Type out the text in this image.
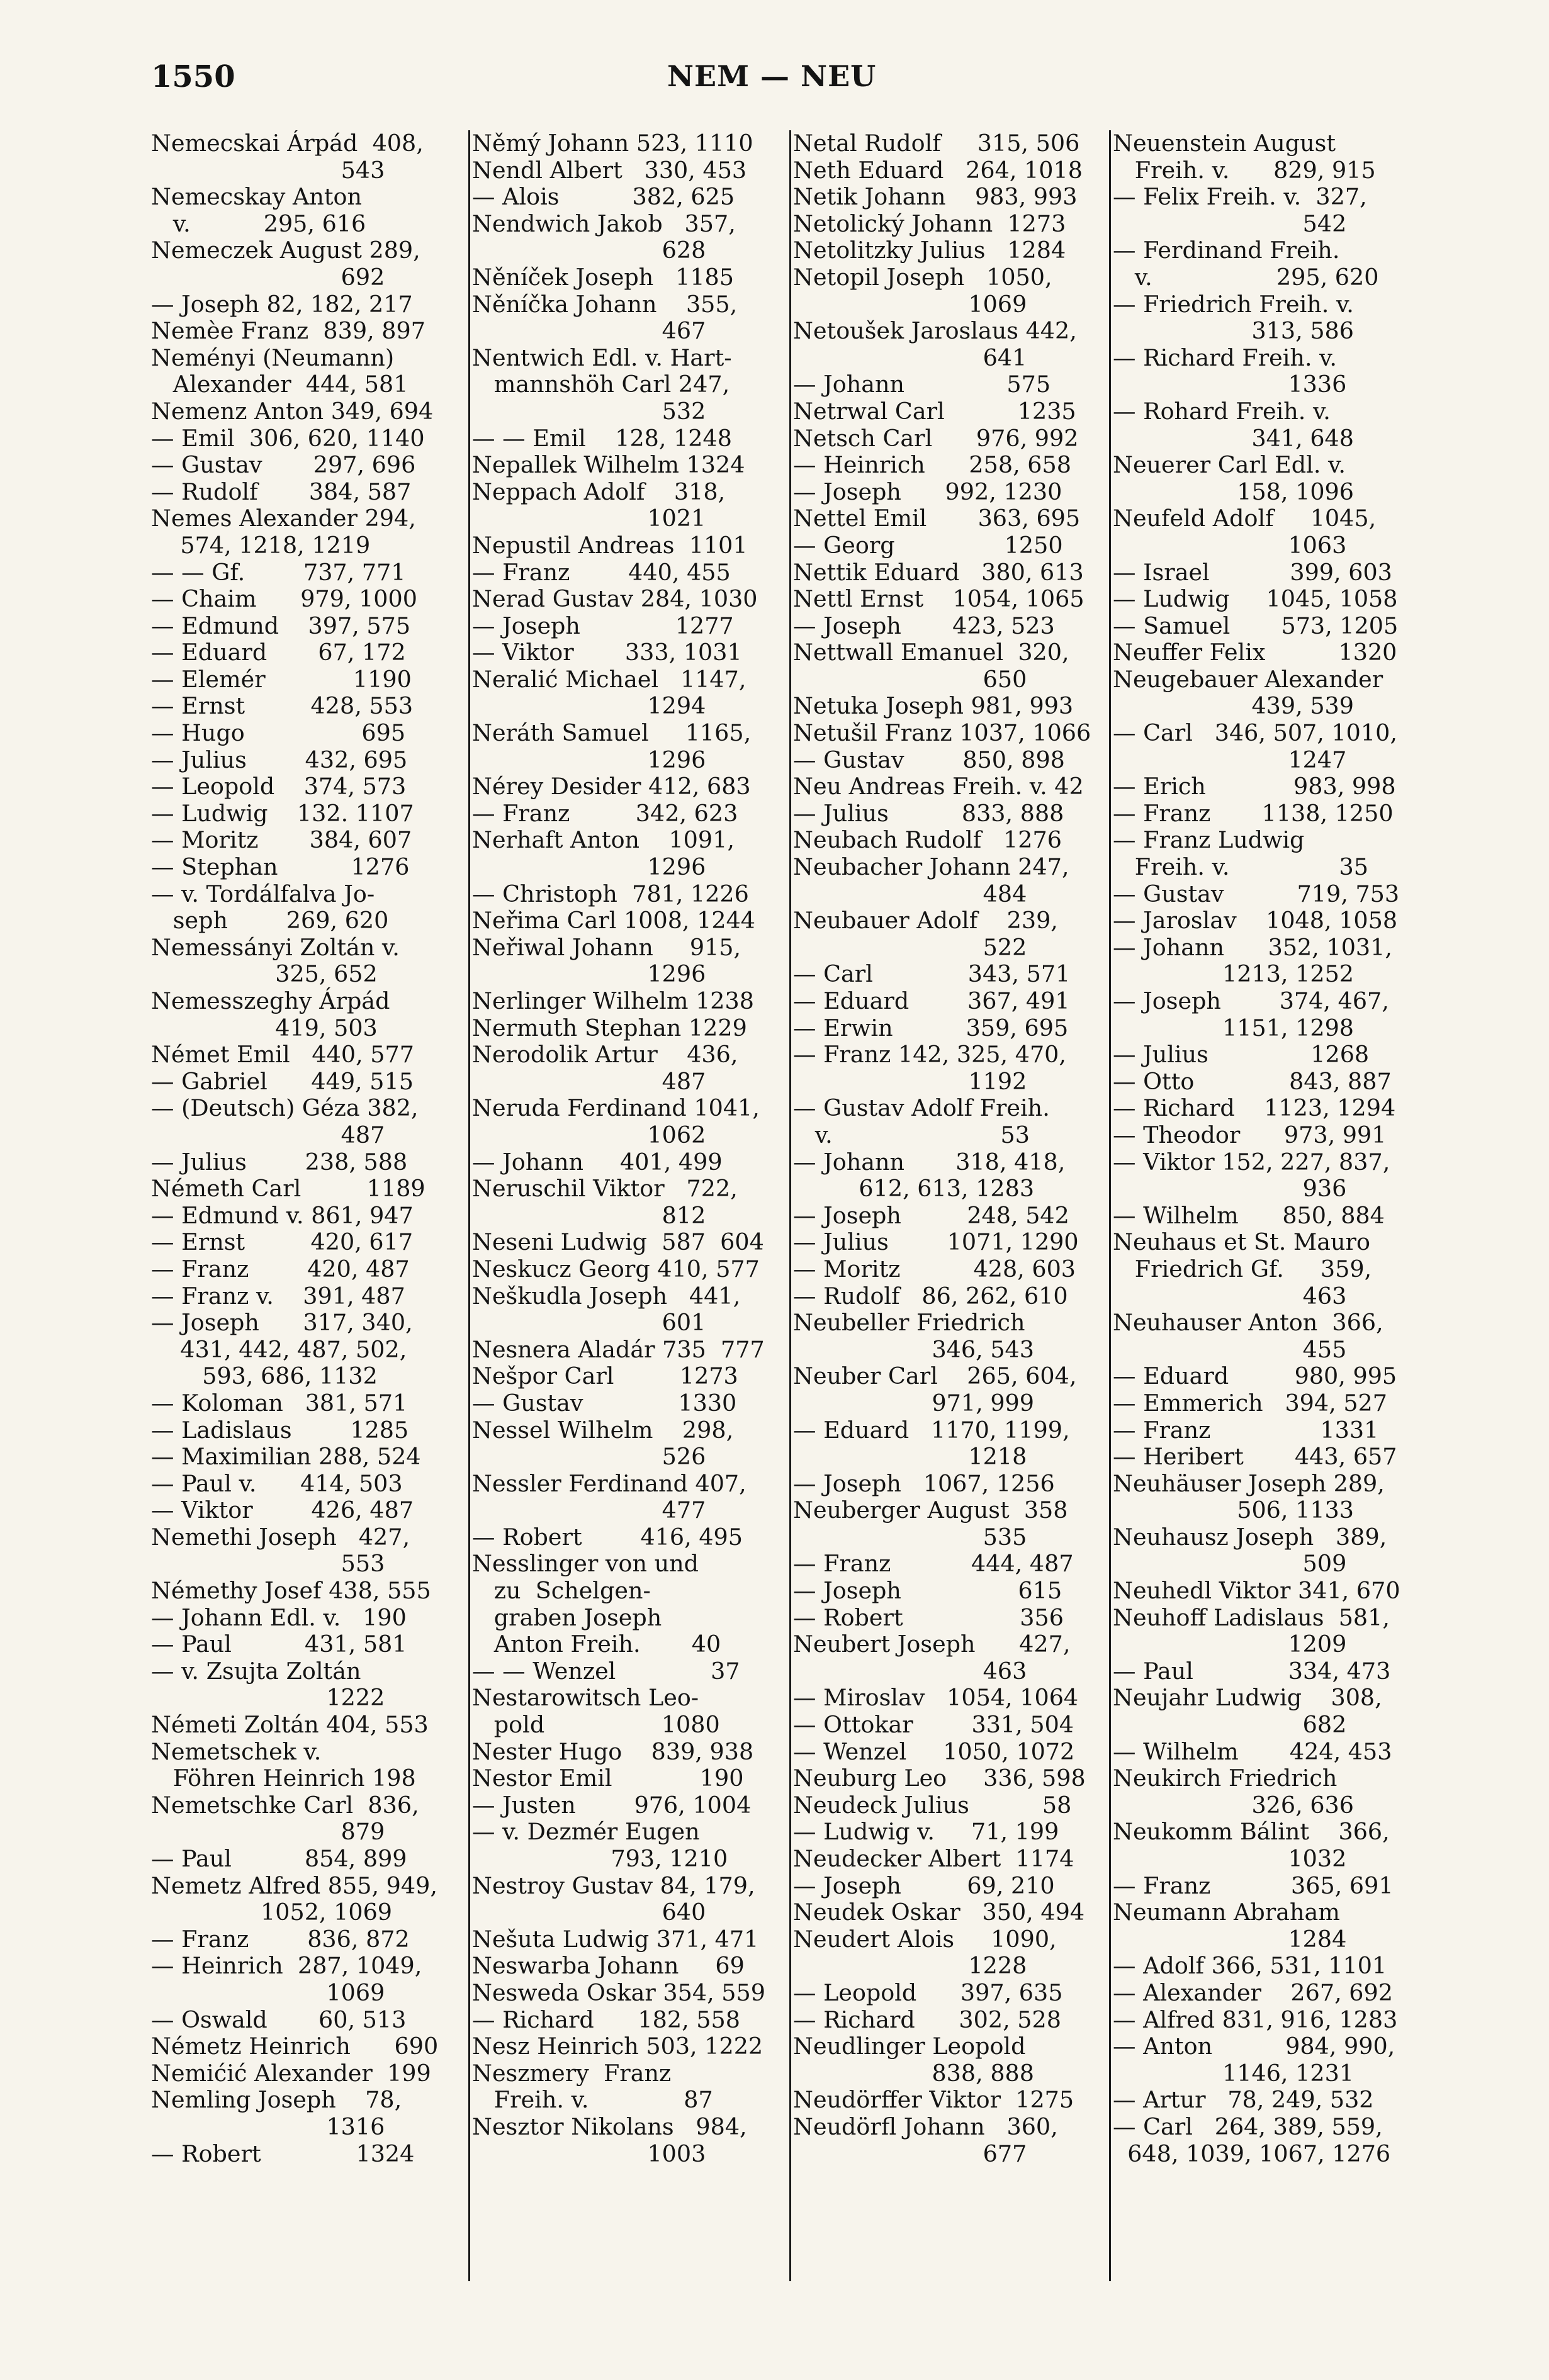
1550	NEM — NEU
Nemecskai Árpád  408,
543
Nemecskay Anton
v.          295, 616
Nemeczek August 289,
692
— Joseph 82, 182, 217
Nemèe Franz  839, 897
Neményi (Neumann)
Alexander  444, 581
Nemenz Anton 349, 694
— Emil  306, 620, 1140
— Gustav       297, 696
— Rudolf       384, 587
Nemes Alexander 294,
574, 1218, 1219
— — Gf.        737, 771
— Chaim      979, 1000
— Edmund    397, 575
— Eduard       67, 172
— Elemér            1190
— Ernst         428, 553
— Hugo                695
— Julius        432, 695
— Leopold    374, 573
— Ludwig    132. 1107
— Moritz       384, 607
— Stephan          1276
— v. Tordálfalva Jo-
seph        269, 620
Nemessányi Zoltán v.
325, 652
Nemesszeghy Árpád
419, 503
Német Emil   440, 577
— Gabriel      449, 515
— (Deutsch) Géza 382,
487
— Julius        238, 588
Németh Carl         1189
— Edmund v. 861, 947
— Ernst         420, 617
— Franz        420, 487
— Franz v.    391, 487
— Joseph      317, 340,
431, 442, 487, 502,
593, 686, 1132
— Koloman   381, 571
— Ladislaus        1285
— Maximilian 288, 524
— Paul v.      414, 503
— Viktor        426, 487
Nemethi Joseph   427,
553
Némethy Josef 438, 555
— Johann Edl. v.   190
— Paul          431, 581
— v. Zsujta Zoltán
1222
Németi Zoltán 404, 553
Nemetschek v.
Föhren Heinrich 198
Nemetschke Carl  836,
879
— Paul          854, 899
Nemetz Alfred 855, 949,
1052, 1069
— Franz        836, 872
— Heinrich  287, 1049,
1069
— Oswald       60, 513
Németz Heinrich      690
Nemićić Alexander  199
Nemling Joseph    78,
1316
— Robert             1324
Němý Johann 523, 1110
Nendl Albert   330, 453
— Alois          382, 625
Nendwich Jakob   357,
628
Něníček Joseph   1185
Něníčka Johann    355,
467
Nentwich Edl. v. Hart-
mannshöh Carl 247,
532
— — Emil    128, 1248
Nepallek Wilhelm 1324
Neppach Adolf    318,
1021
Nepustil Andreas  1101
— Franz        440, 455
Nerad Gustav 284, 1030
— Joseph             1277
— Viktor       333, 1031
Neralić Michael   1147,
1294
Neráth Samuel     1165,
1296
Nérey Desider 412, 683
— Franz         342, 623
Nerhaft Anton    1091,
1296
— Christoph  781, 1226
Neřima Carl 1008, 1244
Neřiwal Johann     915,
1296
Nerlinger Wilhelm 1238
Nermuth Stephan 1229
Nerodolik Artur    436,
487
Neruda Ferdinand 1041,
1062
— Johann     401, 499
Neruschil Viktor   722,
812
Neseni Ludwig  587  604
Neskucz Georg 410, 577
Neškudla Joseph   441,
601
Nesnera Aladár 735  777
Nešpor Carl         1273
— Gustav             1330
Nessel Wilhelm    298,
526
Nessler Ferdinand 407,
477
— Robert        416, 495
Nesslinger von und
zu  Schelgen-
graben Joseph
Anton Freih.       40
— — Wenzel             37
Nestarowitsch Leo-
pold                1080
Nester Hugo    839, 938
Nestor Emil            190
— Justen        976, 1004
— v. Dezmér Eugen
793, 1210
Nestroy Gustav 84, 179,
640
Nešuta Ludwig 371, 471
Neswarba Johann     69
Nesweda Oskar 354, 559
— Richard      182, 558
Nesz Heinrich 503, 1222
Neszmery  Franz
Freih. v.             87
Nesztor Nikolans   984,
1003
Netal Rudolf     315, 506
Neth Eduard   264, 1018
Netik Johann    983, 993
Netolický Johann  1273
Netolitzky Julius   1284
Netopil Joseph   1050,
1069
Netoušek Jaroslaus 442,
641
— Johann              575
Netrwal Carl          1235
Netsch Carl      976, 992
— Heinrich      258, 658
— Joseph      992, 1230
Nettel Emil       363, 695
— Georg               1250
Nettik Eduard   380, 613
Nettl Ernst    1054, 1065
— Joseph       423, 523
Nettwall Emanuel  320,
650
Netuka Joseph 981, 993
Netušil Franz 1037, 1066
— Gustav        850, 898
Neu Andreas Freih. v. 42
— Julius          833, 888
Neubach Rudolf   1276
Neubacher Johann 247,
484
Neubauer Adolf    239,
522
— Carl             343, 571
— Eduard        367, 491
— Erwin          359, 695
— Franz 142, 325, 470,
1192
— Gustav Adolf Freih.
v.                       53
— Johann       318, 418,
612, 613, 1283
— Joseph         248, 542
— Julius        1071, 1290
— Moritz          428, 603
— Rudolf   86, 262, 610
Neubeller Friedrich
346, 543
Neuber Carl    265, 604,
971, 999
— Eduard   1170, 1199,
1218
— Joseph   1067, 1256
Neuberger August  358
535
— Franz           444, 487
— Joseph                615
— Robert                356
Neubert Joseph      427,
463
— Miroslav   1054, 1064
— Ottokar        331, 504
— Wenzel     1050, 1072
Neuburg Leo     336, 598
Neudeck Julius          58
— Ludwig v.     71, 199
Neudecker Albert  1174
— Joseph         69, 210
Neudek Oskar   350, 494
Neudert Alois     1090,
1228
— Leopold      397, 635
— Richard      302, 528
Neudlinger Leopold
838, 888
Neudörffer Viktor  1275
Neudörfl Johann   360,
677
Neuenstein August
Freih. v.      829, 915
— Felix Freih. v.  327,
542
— Ferdinand Freih.
v.                 295, 620
— Friedrich Freih. v.
313, 586
— Richard Freih. v.
1336
— Rohard Freih. v.
341, 648
Neuerer Carl Edl. v.
158, 1096
Neufeld Adolf     1045,
1063
— Israel           399, 603
— Ludwig     1045, 1058
— Samuel       573, 1205
Neuffer Felix          1320
Neugebauer Alexander
439, 539
— Carl   346, 507, 1010,
1247
— Erich            983, 998
— Franz       1138, 1250
— Franz Ludwig
Freih. v.               35
— Gustav          719, 753
— Jaroslav    1048, 1058
— Johann      352, 1031,
1213, 1252
— Joseph        374, 467,
1151, 1298
— Julius              1268
— Otto             843, 887
— Richard    1123, 1294
— Theodor      973, 991
— Viktor 152, 227, 837,
936
— Wilhelm      850, 884
Neuhaus et St. Mauro
Friedrich Gf.     359,
463
Neuhauser Anton  366,
455
— Eduard         980, 995
— Emmerich   394, 527
— Franz               1331
— Heribert       443, 657
Neuhäuser Joseph 289,
506, 1133
Neuhausz Joseph   389,
509
Neuhedl Viktor 341, 670
Neuhoff Ladislaus  581,
1209
— Paul             334, 473
Neujahr Ludwig    308,
682
— Wilhelm       424, 453
Neukirch Friedrich
326, 636
Neukomm Bálint    366,
1032
— Franz           365, 691
Neumann Abraham
1284
— Adolf 366, 531, 1101
— Alexander    267, 692
— Alfred 831, 916, 1283
— Anton          984, 990,
1146, 1231
— Artur   78, 249, 532
— Carl   264, 389, 559,
648, 1039, 1067, 1276
